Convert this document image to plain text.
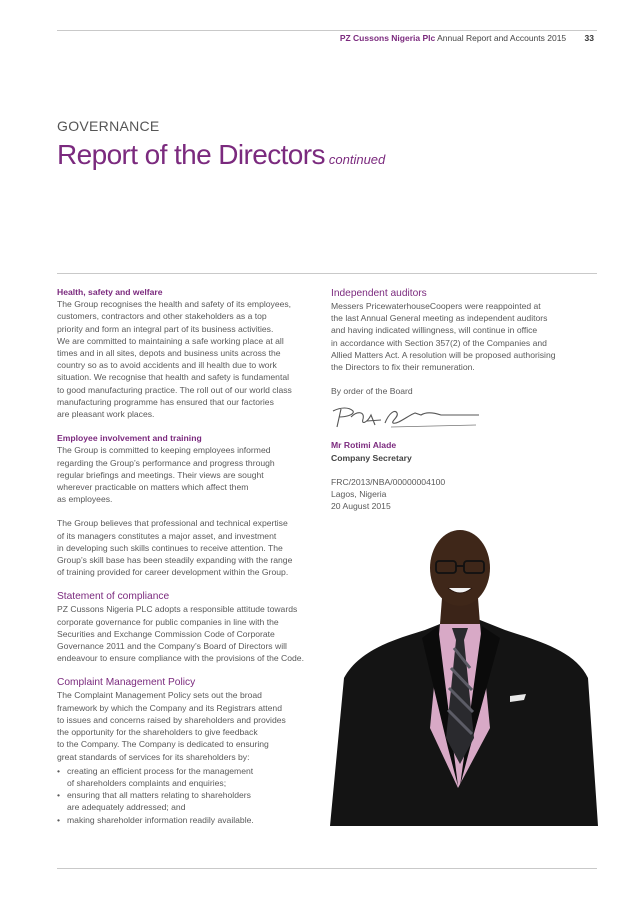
PZ Cussons Nigeria Plc Annual Report and Accounts 2015 33
GOVERNANCE
Report of the Directors continued
Health, safety and welfare

The Group recognises the health and safety of its employees,

customers, contractors and other stakeholders as a top

priority and form an integral part of its business activities.

We are committed to maintaining a safe working place at all

times and in all sites, depots and business units across the

country so as to avoid accidents and ill health due to work

situation. We recognise that health and safety is fundamental

to good manufacturing practice. The roll out of our world class

manufacturing programme has ensured that our factories

are pleasant work places.

Employee involvement and training

The Group is committed to keeping employees informed

regarding the Group’s performance and progress through

regular briefings and meetings. Their views are sought

wherever practicable on matters which affect them

as employees.

The Group believes that professional and technical expertise

of its managers constitutes a major asset, and investment

in developing such skills continues to receive attention. The

Group’s skill base has been steadily expanding with the range

of training provided for career development within the Group.

Statement of compliance

PZ Cussons Nigeria PLC adopts a responsible attitude towards

corporate governance for public companies in line with the

Securities and Exchange Commission Code of Corporate

Governance 2011 and the Company’s Board of Directors will

endeavour to ensure compliance with the provisions of the Code.

Complaint Management Policy

The Complaint Management Policy sets out the broad

framework by which the Company and its Registrars attend

to issues and concerns raised by shareholders and provides

the opportunity for the shareholders to give feedback

to the Company. The Company is dedicated to ensuring

great standards of services for its shareholders by:

• creating an efficient process for the management

of shareholders complaints and enquiries;

• ensuring that all matters relating to shareholders

are adequately addressed; and

• making shareholder information readily available.

Independent auditors

Messers PricewaterhouseCoopers were reappointed at

the last Annual General meeting as independent auditors

and having indicated willingness, will continue in office

in accordance with Section 357(2) of the Companies and

Allied Matters Act. A resolution will be proposed authorising

the Directors to fix their remuneration.

By order of the Board

Mr Rotimi Alade
Company Secretary

FRC/2013/NBA/00000004100

Lagos, Nigeria

20 August 2015
